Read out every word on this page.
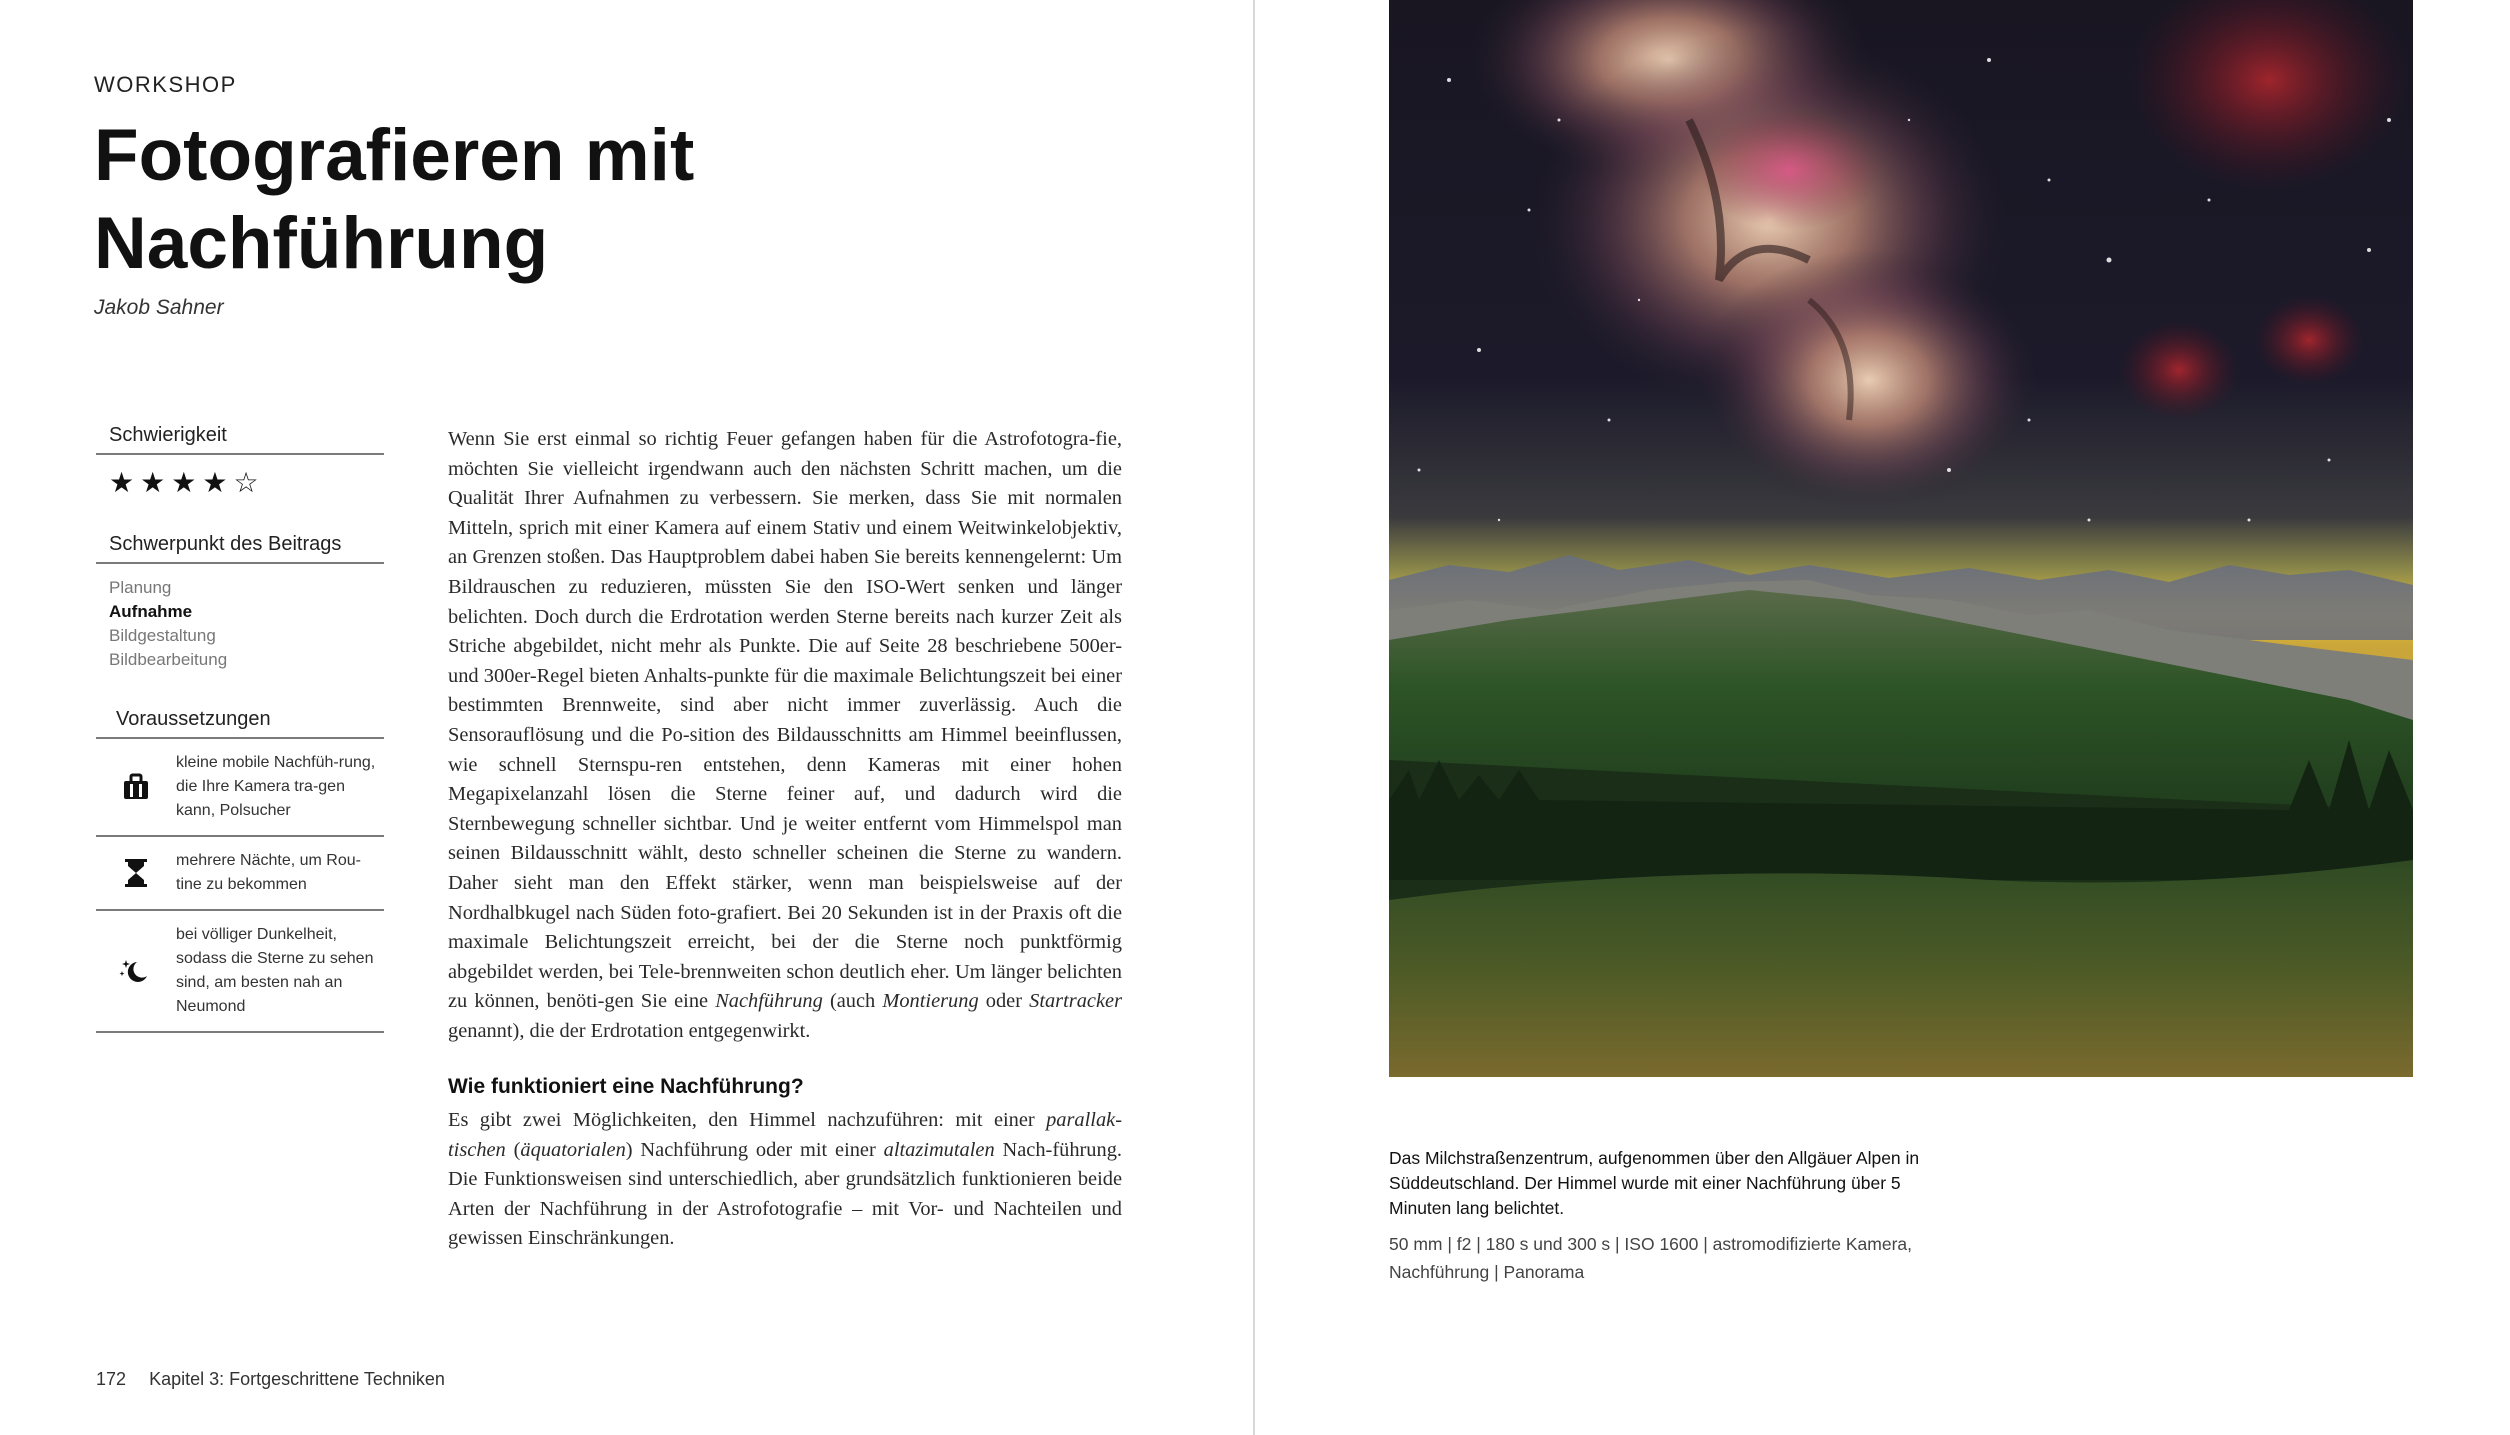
WORKSHOP
Fotografieren mit
Nachführung
Jakob Sahner
Schwierigkeit
★ ★ ★ ★ ☆
Schwerpunkt des Beitrags
Planung
Aufnahme
Bildgestaltung
Bildbearbeitung
Voraussetzungen
kleine mobile Nachfüh-rung, die Ihre Kamera tra-gen kann, Polsucher
mehrere Nächte, um Rou-tine zu bekommen
bei völliger Dunkelheit, sodass die Sterne zu sehen sind, am besten nah an Neumond

Wenn Sie erst einmal so richtig Feuer gefangen haben für die Astrofotogra-fie, möchten Sie vielleicht irgendwann auch den nächsten Schritt machen, um die Qualität Ihrer Aufnahmen zu verbessern. Sie merken, dass Sie mit normalen Mitteln, sprich mit einer Kamera auf einem Stativ und einem Weitwinkelobjektiv, an Grenzen stoßen. Das Hauptproblem dabei haben Sie bereits kennengelernt: Um Bildrauschen zu reduzieren, müssten Sie den ISO-Wert senken und länger belichten. Doch durch die Erdrotation werden Sterne bereits nach kurzer Zeit als Striche abgebildet, nicht mehr als Punkte. Die auf Seite 28 beschriebene 500er- und 300er-Regel bieten Anhalts-punkte für die maximale Belichtungszeit bei einer bestimmten Brennweite, sind aber nicht immer zuverlässig. Auch die Sensorauflösung und die Po-sition des Bildausschnitts am Himmel beeinflussen, wie schnell Sternspu-ren entstehen, denn Kameras mit einer hohen Megapixelanzahl lösen die Sterne feiner auf, und dadurch wird die Sternbewegung schneller sichtbar. Und je weiter entfernt vom Himmelspol man seinen Bildausschnitt wählt, desto schneller scheinen die Sterne zu wandern. Daher sieht man den Effekt stärker, wenn man beispielsweise auf der Nordhalbkugel nach Süden foto-grafiert. Bei 20 Sekunden ist in der Praxis oft die maximale Belichtungszeit erreicht, bei der die Sterne noch punktförmig abgebildet werden, bei Tele-brennweiten schon deutlich eher. Um länger belichten zu können, benöti-gen Sie eine Nachführung (auch Montierung oder Startracker genannt), die der Erdrotation entgegenwirkt.

Wie funktioniert eine Nachführung?

Es gibt zwei Möglichkeiten, den Himmel nachzuführen: mit einer parallak-tischen (äquatorialen) Nachführung oder mit einer altazimutalen Nach-führung. Die Funktionsweisen sind unterschiedlich, aber grundsätzlich funktionieren beide Arten der Nachführung in der Astrofotografie – mit Vor- und Nachteilen und gewissen Einschränkungen.

172 Kapitel 3: Fortgeschrittene Techniken
Das Milchstraßenzentrum, aufgenommen über den Allgäuer Alpen in Süddeutschland. Der Himmel wurde mit einer Nachführung über 5 Minuten lang belichtet.
50 mm | f2 | 180 s und 300 s | ISO 1600 | astromodifizierte Kamera, Nachführung | Panorama
